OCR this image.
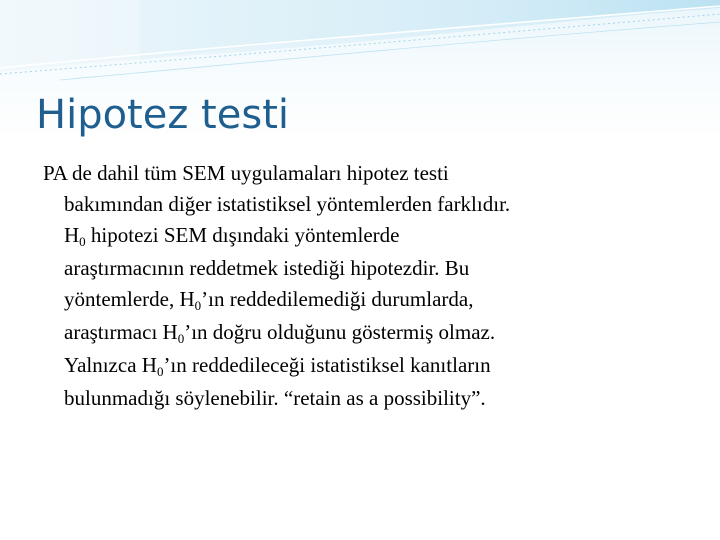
Hipotez testi
PA de dahil tüm SEM uygulamaları hipotez testi
bakımından diğer istatistiksel yöntemlerden farklıdır.
H0 hipotezi SEM dışındaki yöntemlerde
araştırmacının reddetmek istediği hipotezdir. Bu
yöntemlerde, H0’ın reddedilemediği durumlarda,
araştırmacı H0’ın doğru olduğunu göstermiş olmaz.
Yalnızca H0’ın reddedileceği istatistiksel kanıtların
bulunmadığı söylenebilir. “retain as a possibility”.
